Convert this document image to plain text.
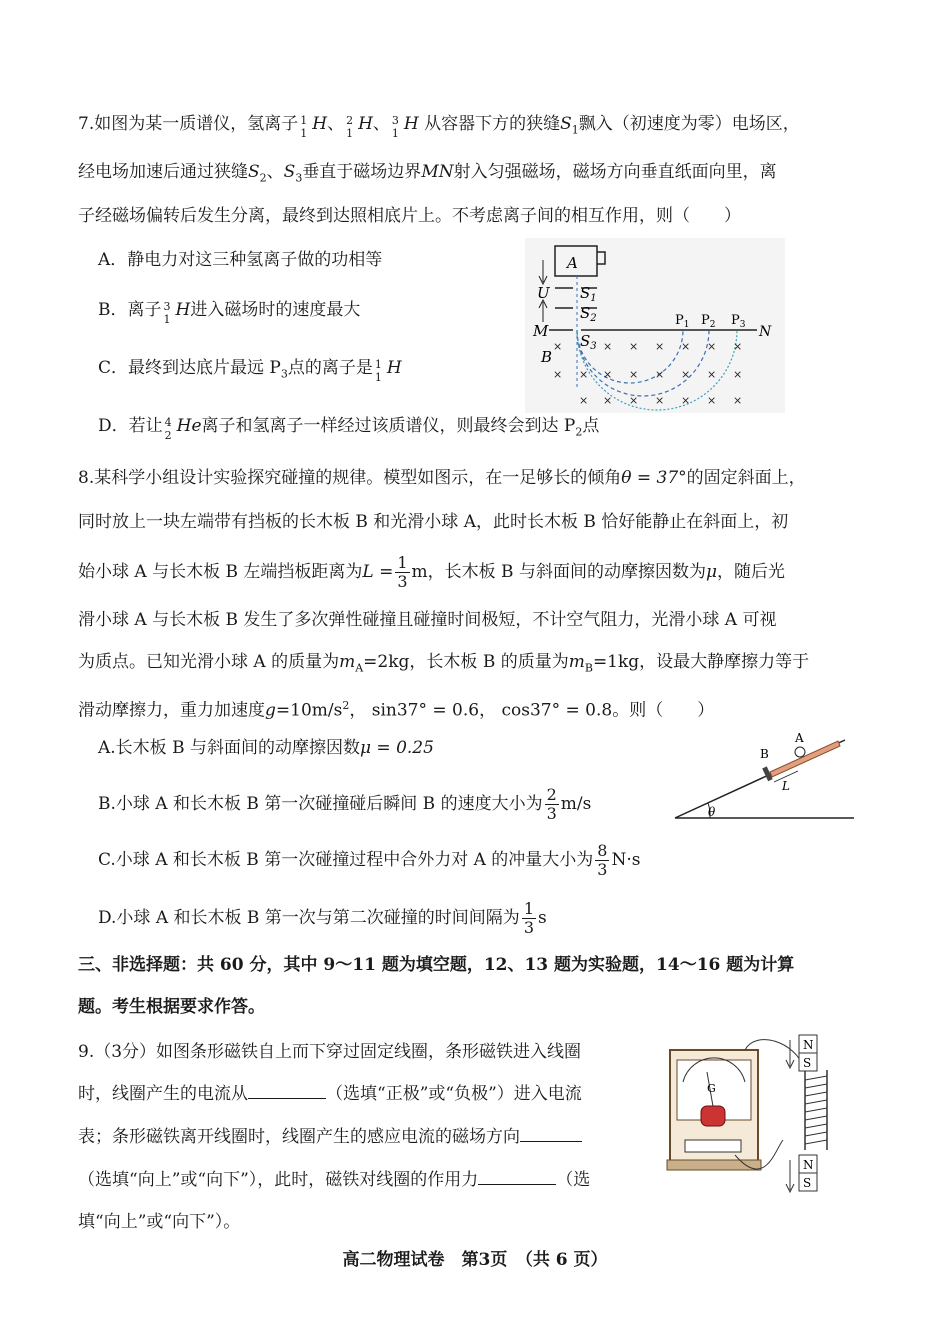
7.如图为某一质谱仪，氢离子 1
1 H、 2
1 H、 3
1 H 从容器下方的狭缝$S_1$飘入（初速度为零）电场区，
经电场加速后通过狭缝$S_2$、$S_3$垂直于磁场边界MN射入匀强磁场，磁场方向垂直纸面向里，离
子经磁场偏转后发生分离，最终到达照相底片上。不考虑离子间的相互作用，则（　　）
A．静电力对这三种氢离子做的功相等
B．离子 3
1 H进入磁场时的速度最大
C．最终到达底片最远 $P_3$点的离子是 1
1 H
D．若让 4
2 He离子和氢离子一样经过该质谱仪，则最终会到达 $P_2$点
A
U $S_1$
$S_2$
M	N
$S_3$
B
$P_1$ $P_2$ $P_3$
×	× × × × × ×
× × × × × × × ×
× × × × × × ×
8.某科学小组设计实验探究碰撞的规律。模型如图示，在一足够长的倾角θ = 37°的固定斜面上，
同时放上一块左端带有挡板的长木板 B 和光滑小球 A，此时长木板 B 恰好能静止在斜面上，初
始小球 A 与长木板 B 左端挡板距离为$L = \frac{1}{3}$ m，长木板 B 与斜面间的动摩擦因数为μ，随后光
滑小球 A 与长木板 B 发生了多次弹性碰撞且碰撞时间极短，不计空气阻力，光滑小球 A 可视
为质点。已知光滑小球 A 的质量为$m_A=2kg$，长木板 B 的质量为$m_B=1kg$，设最大静摩擦力等于
滑动摩擦力，重力加速度$g=10m/s^2$， sin37° = 0.6， cos37° = 0.8。则（　　）
A.长木板 B 与斜面间的动摩擦因数μ = 0.25
B.小球 A 和长木板 B 第一次碰撞碰后瞬间 B 的速度大小为 $\frac{2}{3} m/s$
C.小球 A 和长木板 B 第一次碰撞过程中合外力对 A 的冲量大小为 $\frac{8}{3} N\cdot s$
D.小球 A 和长木板 B 第一次与第二次碰撞的时间间隔为 $\frac{1}{3}$ s
θ
B
A
L
三、非选择题：共 60 分，其中 9～11 题为填空题，12、13 题为实验题，14～16 题为计算
题。考生根据要求作答。
9.（3分）如图条形磁铁自上而下穿过固定线圈，条形磁铁进入线圈
时，线圈产生的电流从	（选填“正极”或“负极”）进入电流
表；条形磁铁离开线圈时，线圈产生的感应电流的磁场方向
（选填“向上”或“向下”），此时，磁铁对线圈的作用力	（选
填“向上”或“向下”）。
G
N
S
N
S
高二物理试卷　第3页　（共 6 页）
